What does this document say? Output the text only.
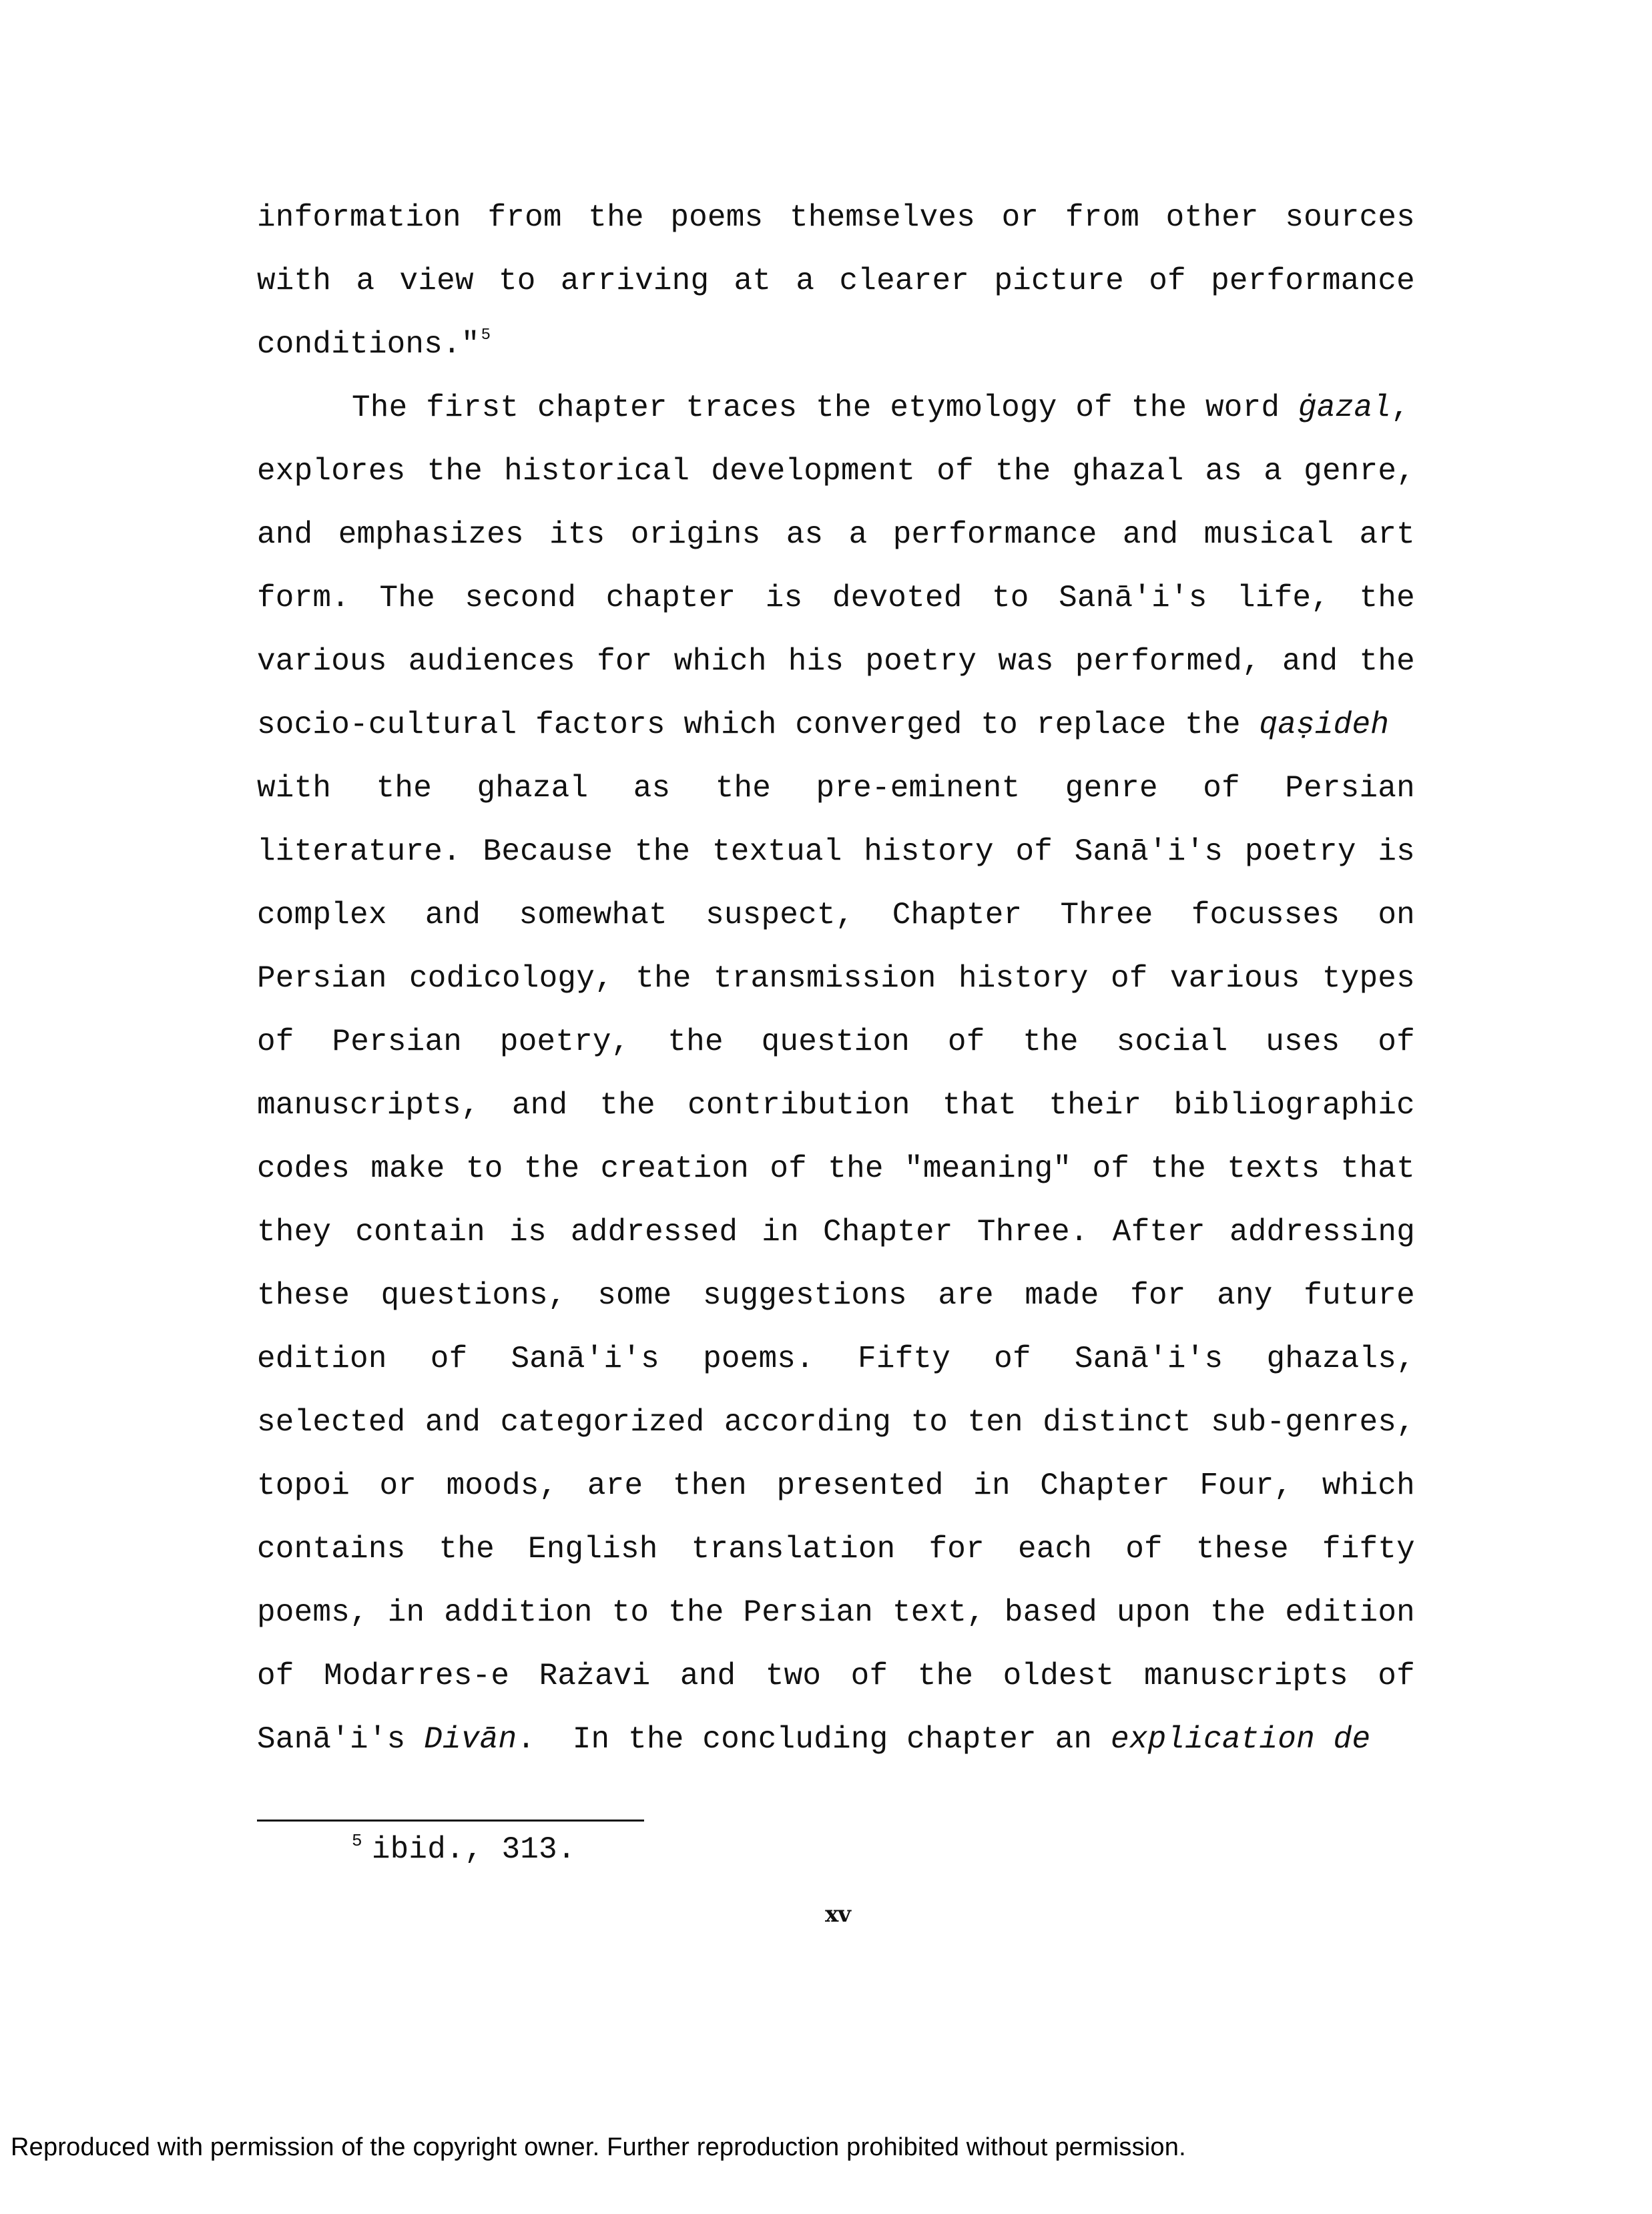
information from the poems themselves or from other sources
with a view to arriving at a clearer picture of performance
conditions."$^5$
The first chapter traces the etymology of the word ġazal,
explores the historical development of the ghazal as a genre,
and emphasizes its origins as a performance and musical art
form. The second chapter is devoted to Sanā'i's life, the
various audiences for which his poetry was performed, and the
socio-cultural factors which converged to replace the qaṣideh
with the ghazal as the pre-eminent genre of Persian
literature. Because the textual history of Sanā'i's poetry is
complex and somewhat suspect, Chapter Three focusses on
Persian codicology, the transmission history of various types
of Persian poetry, the question of the social uses of
manuscripts, and the contribution that their bibliographic
codes make to the creation of the "meaning" of the texts that
they contain is addressed in Chapter Three. After addressing
these questions, some suggestions are made for any future
edition of Sanā'i's poems. Fifty of Sanā'i's ghazals,
selected and categorized according to ten distinct sub-genres,
topoi or moods, are then presented in Chapter Four, which
contains the English translation for each of these fifty
poems, in addition to the Persian text, based upon the edition
of Modarres-e Rażavi and two of the oldest manuscripts of
Sanā'i's Divān.  In the concluding chapter an explication de
$^5$ ibid., 313.
xv
Reproduced with permission of the copyright owner. Further reproduction prohibited without permission.
